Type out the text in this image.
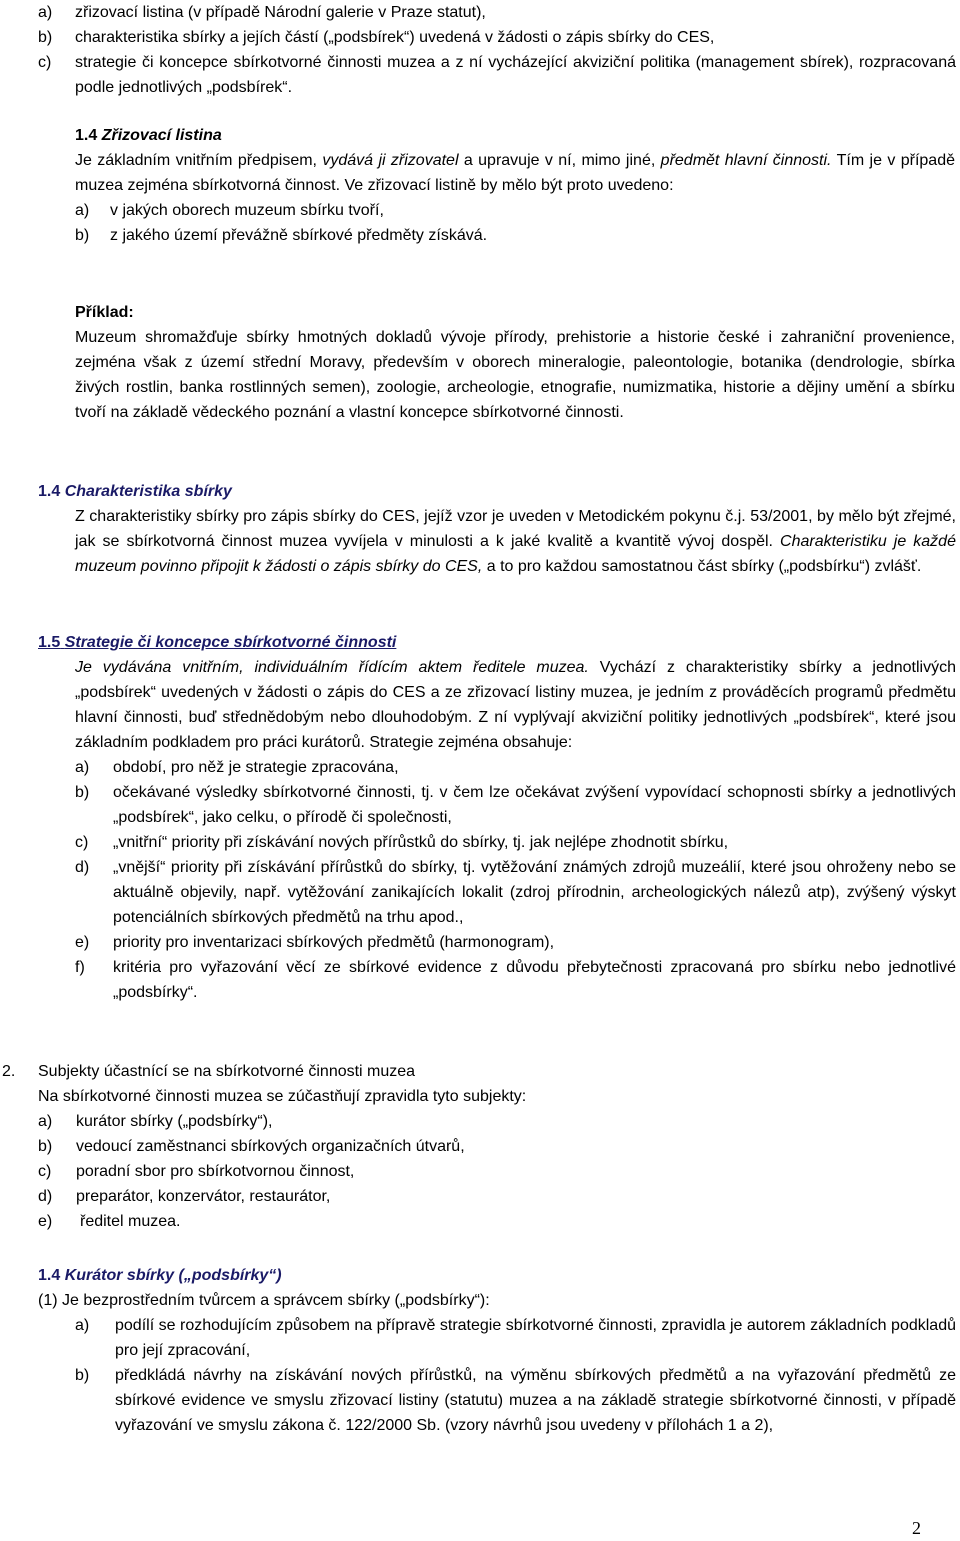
a) zřizovací listina (v případě Národní galerie v Praze statut),
b) charakteristika sbírky a jejích částí („podsbírek“) uvedená v žádosti o zápis sbírky do CES,
c) strategie či koncepce sbírkotvorné činnosti muzea a z ní vycházející akviziční politika (management sbírek), rozpracovaná podle jednotlivých „podsbírek“.
1.4 Zřizovací listina
Je základním vnitřním předpisem, vydává ji zřizovatel a upravuje v ní, mimo jiné, předmět hlavní činnosti. Tím je v případě muzea zejména sbírkotvorná činnost. Ve zřizovací listině by mělo být proto uvedeno:
a) v jakých oborech muzeum sbírku tvoří,
b) z jakého území převážně sbírkové předměty získává.
Příklad:
Muzeum shromažďuje sbírky hmotných dokladů vývoje přírody, prehistorie a historie české i zahraniční provenience, zejména však z území střední Moravy, především v oborech mineralogie, paleontologie, botanika (dendrologie, sbírka živých rostlin, banka rostlinných semen), zoologie, archeologie, etnografie, numizmatika, historie a dějiny umění a sbírku tvoří na základě vědeckého poznání a vlastní koncepce sbírkotvorné činnosti.
1.4 Charakteristika sbírky
Z charakteristiky sbírky pro zápis sbírky do CES, jejíž vzor je uveden v Metodickém pokynu č.j. 53/2001, by mělo být zřejmé, jak se sbírkotvorná činnost muzea vyvíjela v minulosti a k jaké kvalitě a kvantitě vývoj dospěl. Charakteristiku je každé muzeum povinno připojit k žádosti o zápis sbírky do CES, a to pro každou samostatnou část sbírky („podsbírku“) zvlášť.
1.5 Strategie či koncepce sbírkotvorné činnosti
Je vydávána vnitřním, individuálním řídícím aktem ředitele muzea. Vychází z charakteristiky sbírky a jednotlivých „podsbírek“ uvedených v žádosti o zápis do CES a ze zřizovací listiny muzea, je jedním z prováděcích programů předmětu hlavní činnosti, buď střednědobým nebo dlouhodobým. Z ní vyplývají akviziční politiky jednotlivých „podsbírek“, které jsou základním podkladem pro práci kurátorů. Strategie zejména obsahuje:
a) období, pro něž je strategie zpracována,
b) očekávané výsledky sbírkotvorné činnosti, tj. v čem lze očekávat zvýšení vypovídací schopnosti sbírky a jednotlivých „podsbírek“, jako celku, o přírodě či společnosti,
c) „vnitřní“ priority při získávání nových přírůstků do sbírky, tj. jak nejlépe zhodnotit sbírku,
d) „vnější“ priority při získávání přírůstků do sbírky, tj. vytěžování známých zdrojů muzeálií, které jsou ohroženy nebo se aktuálně objevily, např. vytěžování zanikajících lokalit (zdroj přírodnin, archeologických nálezů atp), zvýšený výskyt potenciálních sbírkových předmětů na trhu apod.,
e) priority pro inventarizaci sbírkových předmětů (harmonogram),
f) kritéria pro vyřazování věcí ze sbírkové evidence z důvodu přebytečnosti zpracovaná pro sbírku nebo jednotlivé „podsbírky“.
2. Subjekty účastnící se na sbírkotvorné činnosti muzea
Na sbírkotvorné činnosti muzea se zúčastňují zpravidla tyto subjekty:
a) kurátor sbírky („podsbírky“),
b) vedoucí zaměstnanci sbírkových organizačních útvarů,
c) poradní sbor pro sbírkotvornou činnost,
d) preparátor, konzervátor, restaurátor,
e) ředitel muzea.
1.4 Kurátor sbírky („podsbírky“)
(1) Je bezprostředním tvůrcem a správcem sbírky („podsbírky“):
a) podílí se rozhodujícím způsobem na přípravě strategie sbírkotvorné činnosti, zpravidla je autorem základních podkladů pro její zpracování,
b) předkládá návrhy na získávání nových přírůstků, na výměnu sbírkových předmětů a na vyřazování předmětů ze sbírkové evidence ve smyslu zřizovací listiny (statutu) muzea a na základě strategie sbírkotvorné činnosti, v případě vyřazování ve smyslu zákona č. 122/2000 Sb. (vzory návrhů jsou uvedeny v přílohách 1 a 2),
2
